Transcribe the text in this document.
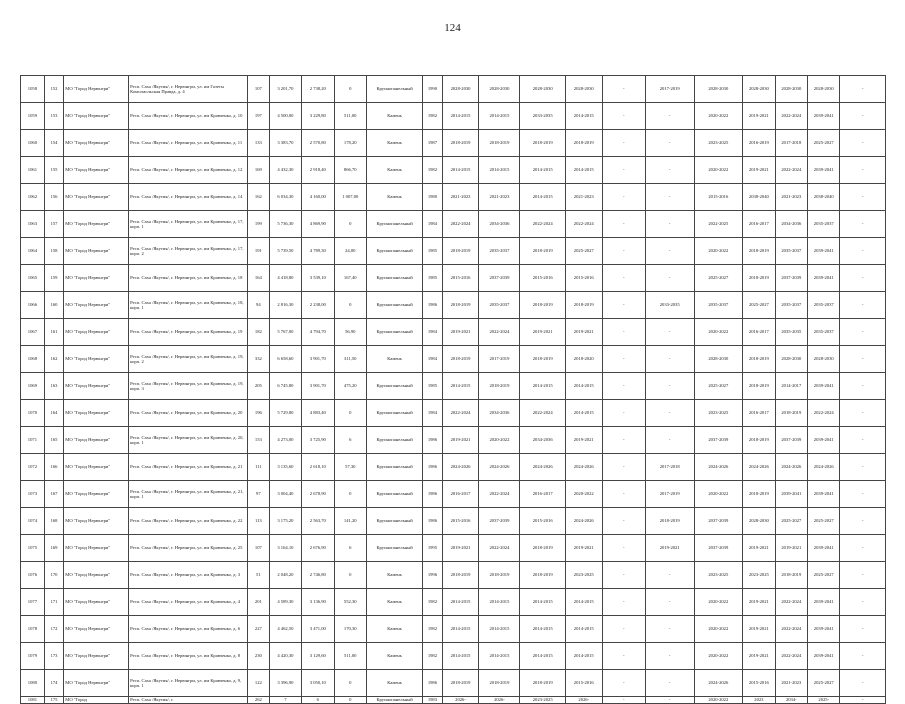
124
1058	152	МО "Город Нерюнгри"	Респ. Саха /Якутия/, г. Нерюнгри, ул. им Газеты Комсомольская Правда, д. 4	107	3 201,70	2 738,20	0	Крупнопанельный	1990	2028-2030	2028-2030	2028-2030	2028-2030	-	2017-2019	2028-2030	2028-2030	2028-2030	2028-2030	-
1059	153	МО "Город Нерюнгри"	Респ. Саха /Якутия/, г. Нерюнгри, ул. им Кравченко, д. 10	197	4 500,00	3 229,80	511,00	Камень	1982	2014-2015	2014-2015	2033-2035	2014-2015	-	-	2020-2022	2019-2021	2022-2024	2039-2041	-
1060	154	МО "Город Нерюнгри"	Респ. Саха /Якутия/, г. Нерюнгри, ул. им Кравченко, д. 11	133	3 383,70	2 570,80	178,20	Камень	1987	2018-2019	2018-2019	2018-2019	2018-2019	-	-	2023-2025	2016-2019	2017-2018	2025-2027	-
1061	155	МО "Город Нерюнгри"	Респ. Саха /Якутия/, г. Нерюнгри, ул. им Кравченко, д. 12	169	4 432,30	2 918,40	866,70	Камень	1982	2014-2015	2014-2015	2014-2015	2014-2015	-	-	2020-2022	2019-2021	2022-2024	2039-2041	-
1062	156	МО "Город Нерюнгри"	Респ. Саха /Якутия/, г. Нерюнгри, ул. им Кравченко, д. 14	162	6 034,30	4 160,00	1 007,00	Камень	1980	2021-2023	2021-2023	2014-2015	2021-2023	-	-	2015-2016	2038-2040	2021-2023	2038-2040	-
1063	157	МО "Город Нерюнгри"	Респ. Саха /Якутия/, г. Нерюнгри, ул. им Кравченко, д. 17, корп. 1	199	5 736,30	4 869,90	0	Крупнопанельный	1984	2022-2024	2034-2036	2022-2024	2022-2024	-	-	2022-2025	2016-2017	2034-2036	2035-2037	-
1064	158	МО "Город Нерюнгри"	Респ. Саха /Якутия/, г. Нерюнгри, ул. им Кравченко, д. 17, корп. 2	191	5 739,50	4 789,30	24,00	Крупнопанельный	1985	2018-2019	2035-2037	2018-2019	2025-2027	-	-	2020-2022	2018-2019	2035-2037	2039-2041	-
1065	159	МО "Город Нерюнгри"	Респ. Саха /Якутия/, г. Нерюнгри, ул. им Кравченко, д. 18	164	4 418,80	3 539,10	167,40	Крупнопанельный	1985	2015-2016	2037-2039	2015-2016	2015-2016	-	-	2025-2027	2018-2019	2037-2039	2039-2041	-
1066	160	МО "Город Нерюнгри"	Респ. Саха /Якутия/, г. Нерюнгри, ул. им Кравченко, д. 18, корп. 1	94	2 816,30	2 238,00	0	Крупнопанельный	1986	2018-2019	2035-2037	2018-2019	2018-2019	-	2033-2035	2035-2037	2025-2027	2035-2037	2035-2037	-
1067	161	МО "Город Нерюнгри"	Респ. Саха /Якутия/, г. Нерюнгри, ул. им Кравченко, д. 19	182	5 767,00	4 794,70	56,90	Крупнопанельный	1984	2019-2021	2022-2024	2019-2021	2019-2021	-	-	2020-2022	2016-2017	2035-2035	2035-2037	-
1068	162	МО "Город Нерюнгри"	Респ. Саха /Якутия/, г. Нерюнгри, ул. им Кравченко, д. 19, корп. 2	332	6 658,60	3 901,70	311,50	Камень	1984	2018-2019	2017-2019	2018-2019	2018-2020	-	-	2028-2030	2018-2019	2028-2030	2028-2030	-
1069	163	МО "Город Нерюнгри"	Респ. Саха /Якутия/, г. Нерюнгри, ул. им Кравченко, д. 19, корп. 3	205	6 745,80	3 901,70	475,20	Крупнопанельный	1985	2014-2015	2018-2019	2014-2015	2014-2015	-	-	2025-2027	2018-2019	2014-2017	2039-2041	-
1070	164	МО "Город Нерюнгри"	Респ. Саха /Якутия/, г. Нерюнгри, ул. им Кравченко, д. 20	196	5 729,80	4 883,40	0	Крупнопанельный	1984	2022-2024	2034-2036	2022-2024	2014-2015	-	-	2023-2025	2016-2017	2018-2019	2022-2024	-
1071	165	МО "Город Нерюнгри"	Респ. Саха /Якутия/, г. Нерюнгри, ул. им Кравченко, д. 20, корп. 1	153	4 273,00	3 725,90	6	Крупнопанельный	1986	2019-2021	2020-2022	2034-2036	2019-2021	-	-	2037-2039	2018-2019	2037-2039	2039-2041	-
1072	166	МО "Город Нерюнгри"	Респ. Саха /Якутия/, г. Нерюнгри, ул. им Кравченко, д. 21	111	3 135,60	2 618,10	57,30	Крупнопанельный	1986	2024-2026	2024-2026	2024-2026	2024-2026	-	2017-2018	2024-2026	2024-2026	2024-2026	2024-2026	-
1073	167	МО "Город Нерюнгри"	Респ. Саха /Якутия/, г. Нерюнгри, ул. им Кравченко, д. 21, корп. 1	97	3 004,40	2 678,90	0	Крупнопанельный	1986	2016-2017	2022-2024	2016-2017	2020-2022	-	2017-2019	2020-2022	2018-2019	2039-2041	2039-2041	-
1074	168	МО "Город Нерюнгри"	Респ. Саха /Якутия/, г. Нерюнгри, ул. им Кравченко, д. 22	113	3 175,20	2 563,70	141,20	Крупнопанельный	1986	2015-2016	2037-2039	2015-2016	2024-2026	-	2018-2019	2037-2039	2028-2030	2025-2027	2025-2027	-
1075	169	МО "Город Нерюнгри"	Респ. Саха /Якутия/, г. Нерюнгри, ул. им Кравченко, д. 25	107	3 164,10	2 676,90	6	Крупнопанельный	1995	2019-2021	2022-2024	2018-2019	2019-2021	-	2019-2021	2037-2039	2019-2021	2019-2021	2039-2041	-
1076	170	МО "Город Нерюнгри"	Респ. Саха /Якутия/, г. Нерюнгри, ул. им Кравченко, д. 3	51	2 048,20	2 746,80	0	Камень	1996	2018-2019	2018-2019	2018-2019	2023-2025	-	-	2023-2025	2023-2025	2018-2019	2025-2027	-
1077	171	МО "Город Нерюнгри"	Респ. Саха /Якутия/, г. Нерюнгри, ул. им Кравченко, д. 4	201	4 589,30	3 136,90	552,30	Камень	1982	2014-2015	2014-2015	2014-2015	2014-2015	-	-	2020-2022	2019-2021	2022-2024	2039-2041	-
1078	172	МО "Город Нерюнгри"	Респ. Саха /Якутия/, г. Нерюнгри, ул. им Кравченко, д. 6	227	4 462,50	3 471,00	170,30	Камень	1982	2014-2015	2014-2015	2014-2015	2014-2015	-	-	2020-2022	2019-2021	2022-2024	2039-2041	-
1079	173	МО "Город Нерюнгри"	Респ. Саха /Якутия/, г. Нерюнгри, ул. им Кравченко, д. 8	230	4 420,30	3 129,60	511,00	Камень	1982	2014-2015	2014-2015	2014-2015	2014-2015	-	-	2020-2022	2019-2021	2022-2024	2039-2041	-
1080	174	МО "Город Нерюнгри"	Респ. Саха /Якутия/, г. Нерюнгри, ул. им Кравченко, д. 9, корп. 1	122	3 396,90	3 050,10	0	Камень	1986	2018-2019	2018-2019	2018-2019	2015-2016	-	-	2024-2026	2015-2016	2021-2023	2025-2027	-
1081	175	МО "Город	Респ. Саха /Якутия/, г.	262	7	6	0	Крупнопанельный	1983	2026-	2026-	2023-2025	2026-	-	-	2020-2022	2023	2034-	2025-	-
